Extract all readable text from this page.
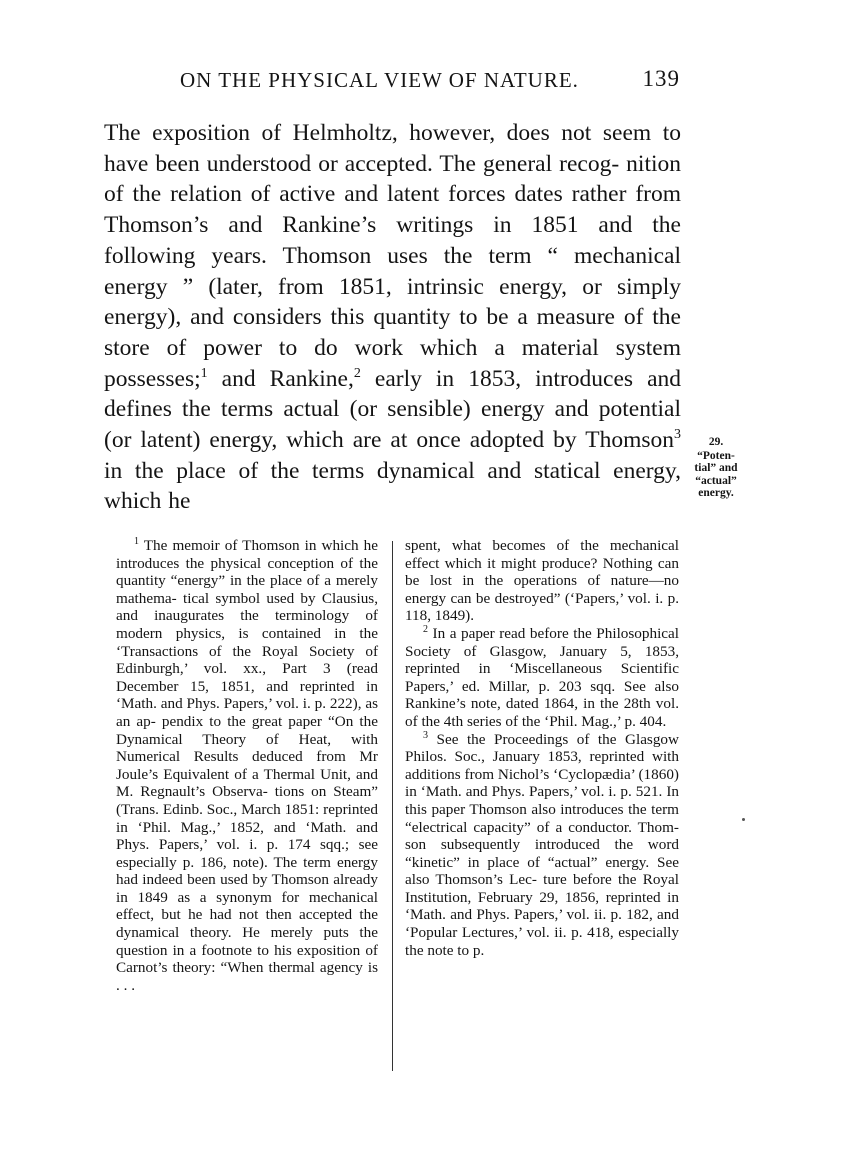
ON THE PHYSICAL VIEW OF NATURE.	139

The exposition of Helmholtz, however, does not seem to have been understood or accepted. The general recog- nition of the relation of active and latent forces dates rather from Thomson’s and Rankine’s writings in 1851 and the following years. Thomson uses the term “ mechanical energy ” (later, from 1851, intrinsic energy, or simply energy), and considers this quantity to be a measure of the store of power to do work which a material system possesses;$^1$ and Rankine,$^2$ early in 1853, introduces and defines the terms actual (or sensible) energy and potential (or latent) energy, which are at once adopted by Thomson$^3$ in the place of the terms dynamical and statical energy, which he

29.
“Poten- tial” and “actual” energy.

$^1$ The memoir of Thomson in which he introduces the physical conception of the quantity “energy” in the place of a merely mathema- tical symbol used by Clausius, and inaugurates the terminology of modern physics, is contained in the ‘Transactions of the Royal Society of Edinburgh,’ vol. xx., Part 3 (read December 15, 1851, and reprinted in ‘Math. and Phys. Papers,’ vol. i. p. 222), as an ap- pendix to the great paper “On the Dynamical Theory of Heat, with Numerical Results deduced from Mr Joule’s Equivalent of a Thermal Unit, and M. Regnault’s Observa- tions on Steam” (Trans. Edinb. Soc., March 1851: reprinted in ‘Phil. Mag.,’ 1852, and ‘Math. and Phys. Papers,’ vol. i. p. 174 sqq.; see especially p. 186, note). The term energy had indeed been used by Thomson already in 1849 as a synonym for mechanical effect, but he had not then accepted the dynamical theory. He merely puts the question in a footnote to his exposition of Carnot’s theory: “When thermal agency is . . .

spent, what becomes of the mechanical effect which it might produce? Nothing can be lost in the operations of nature—no energy can be destroyed” (‘Papers,’ vol. i. p. 118, 1849).

$^2$ In a paper read before the Philosophical Society of Glasgow, January 5, 1853, reprinted in ‘Miscellaneous Scientific Papers,’ ed. Millar, p. 203 sqq. See also Rankine’s note, dated 1864, in the 28th vol. of the 4th series of the ‘Phil. Mag.,’ p. 404.

$^3$ See the Proceedings of the Glasgow Philos. Soc., January 1853, reprinted with additions from Nichol’s ‘Cyclopædia’ (1860) in ‘Math. and Phys. Papers,’ vol. i. p. 521. In this paper Thomson also introduces the term “electrical capacity” of a conductor. Thom- son subsequently introduced the word “kinetic” in place of “actual” energy. See also Thomson’s Lec- ture before the Royal Institution, February 29, 1856, reprinted in ‘Math. and Phys. Papers,’ vol. ii. p. 182, and ‘Popular Lectures,’ vol. ii. p. 418, especially the note to p.
